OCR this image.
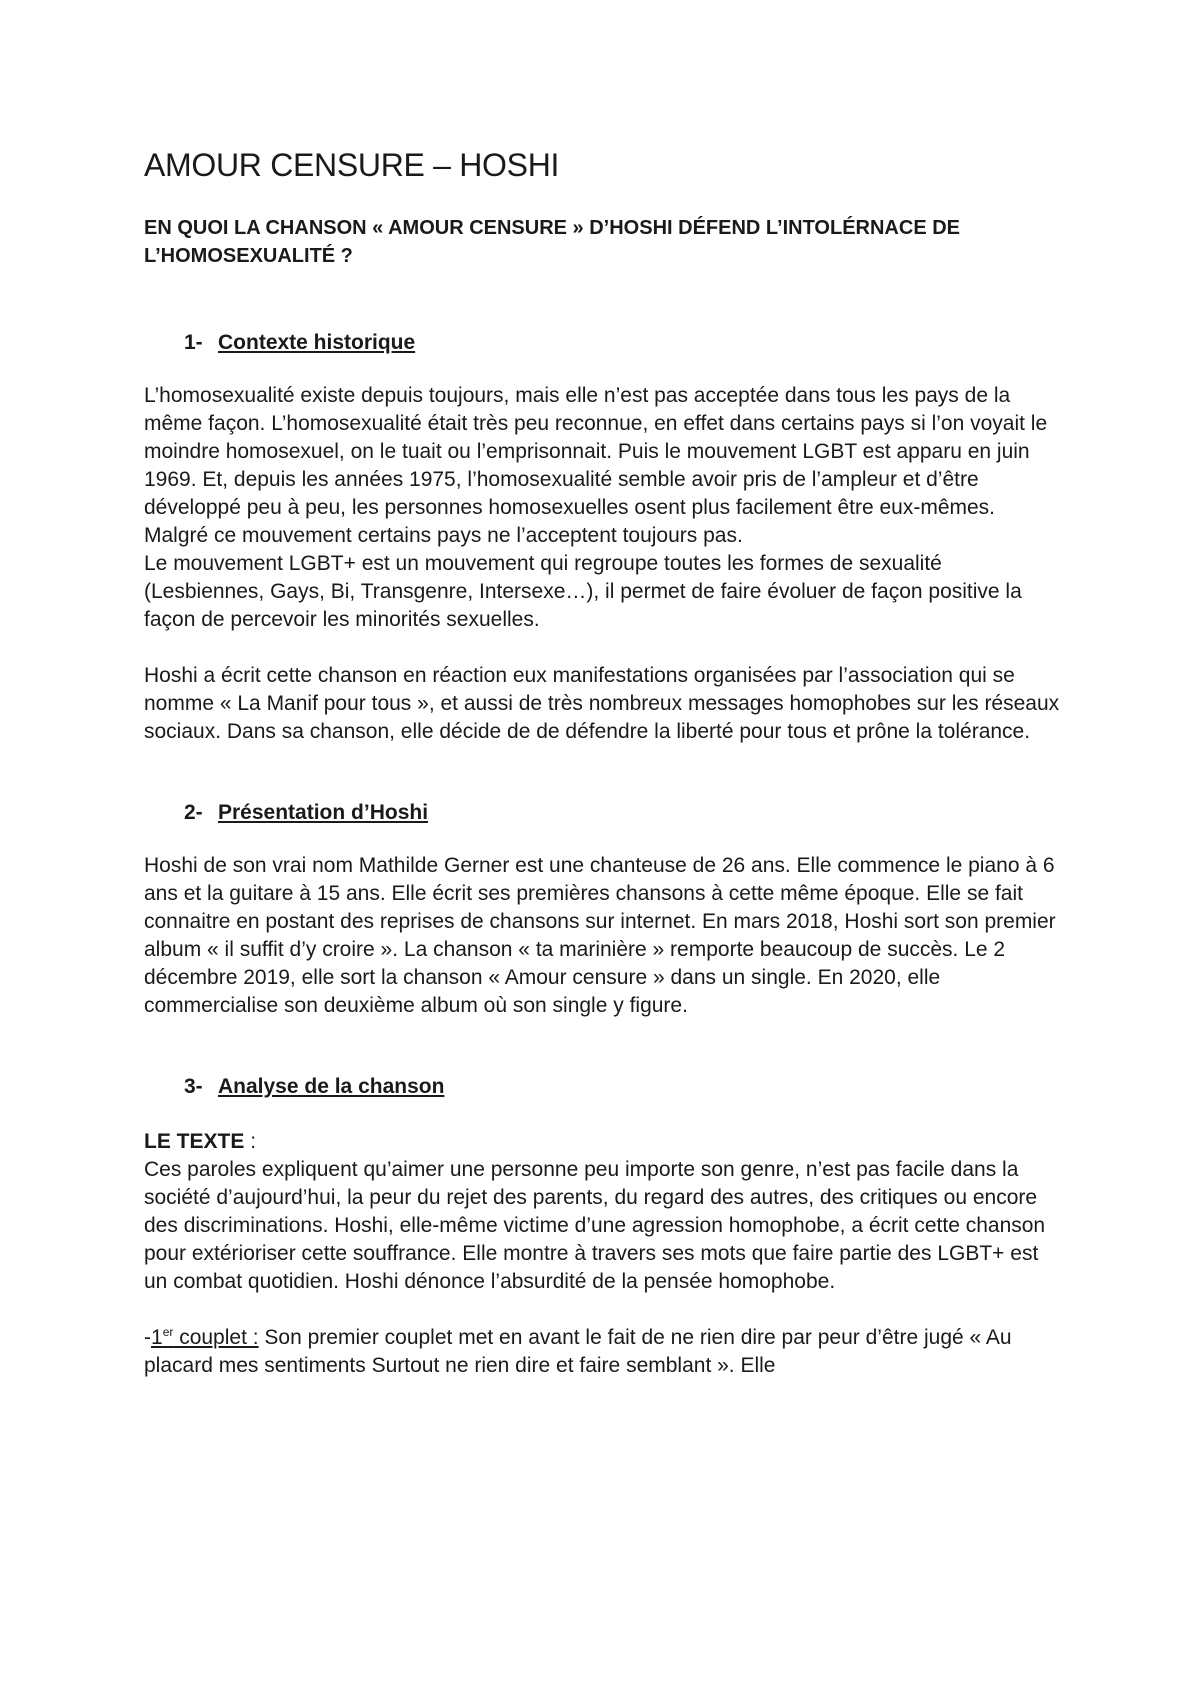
AMOUR CENSURE – HOSHI
EN QUOI LA CHANSON « AMOUR CENSURE » D’HOSHI DÉFEND L’INTOLÉRNACE DE L’HOMOSEXUALITÉ ?
1- Contexte historique

L’homosexualité existe depuis toujours, mais elle n’est pas acceptée dans tous les pays de la même façon. L’homosexualité était très peu reconnue, en effet dans certains pays si l’on voyait le moindre homosexuel, on le tuait ou l’emprisonnait. Puis le mouvement LGBT est apparu en juin 1969. Et, depuis les années 1975, l’homosexualité semble avoir pris de l’ampleur et d’être développé peu à peu, les personnes homosexuelles osent plus facilement être eux-mêmes. Malgré ce mouvement certains pays ne l’acceptent toujours pas.

Le mouvement LGBT+ est un mouvement qui regroupe toutes les formes de sexualité (Lesbiennes, Gays, Bi, Transgenre, Intersexe…), il permet de faire évoluer de façon positive la façon de percevoir les minorités sexuelles.

Hoshi a écrit cette chanson en réaction eux manifestations organisées par l’association qui se nomme « La Manif pour tous », et aussi de très nombreux messages homophobes sur les réseaux sociaux. Dans sa chanson, elle décide de de défendre la liberté pour tous et prône la tolérance.

2- Présentation d’Hoshi

Hoshi de son vrai nom Mathilde Gerner est une chanteuse de 26 ans. Elle commence le piano à 6 ans et la guitare à 15 ans. Elle écrit ses premières chansons à cette même époque. Elle se fait connaitre en postant des reprises de chansons sur internet. En mars 2018, Hoshi sort son premier album « il suffit d’y croire ». La chanson « ta marinière » remporte beaucoup de succès. Le 2 décembre 2019, elle sort la chanson « Amour censure » dans un single. En 2020, elle commercialise son deuxième album où son single y figure.

3- Analyse de la chanson
LE TEXTE :

Ces paroles expliquent qu’aimer une personne peu importe son genre, n’est pas facile dans la société d’aujourd’hui, la peur du rejet des parents, du regard des autres, des critiques ou encore des discriminations. Hoshi, elle-même victime d’une agression homophobe, a écrit cette chanson pour extérioriser cette souffrance. Elle montre à travers ses mots que faire partie des LGBT+ est un combat quotidien. Hoshi dénonce l’absurdité de la pensée homophobe.

-1er couplet : Son premier couplet met en avant le fait de ne rien dire par peur d’être jugé « Au placard mes sentiments Surtout ne rien dire et faire semblant ». Elle
